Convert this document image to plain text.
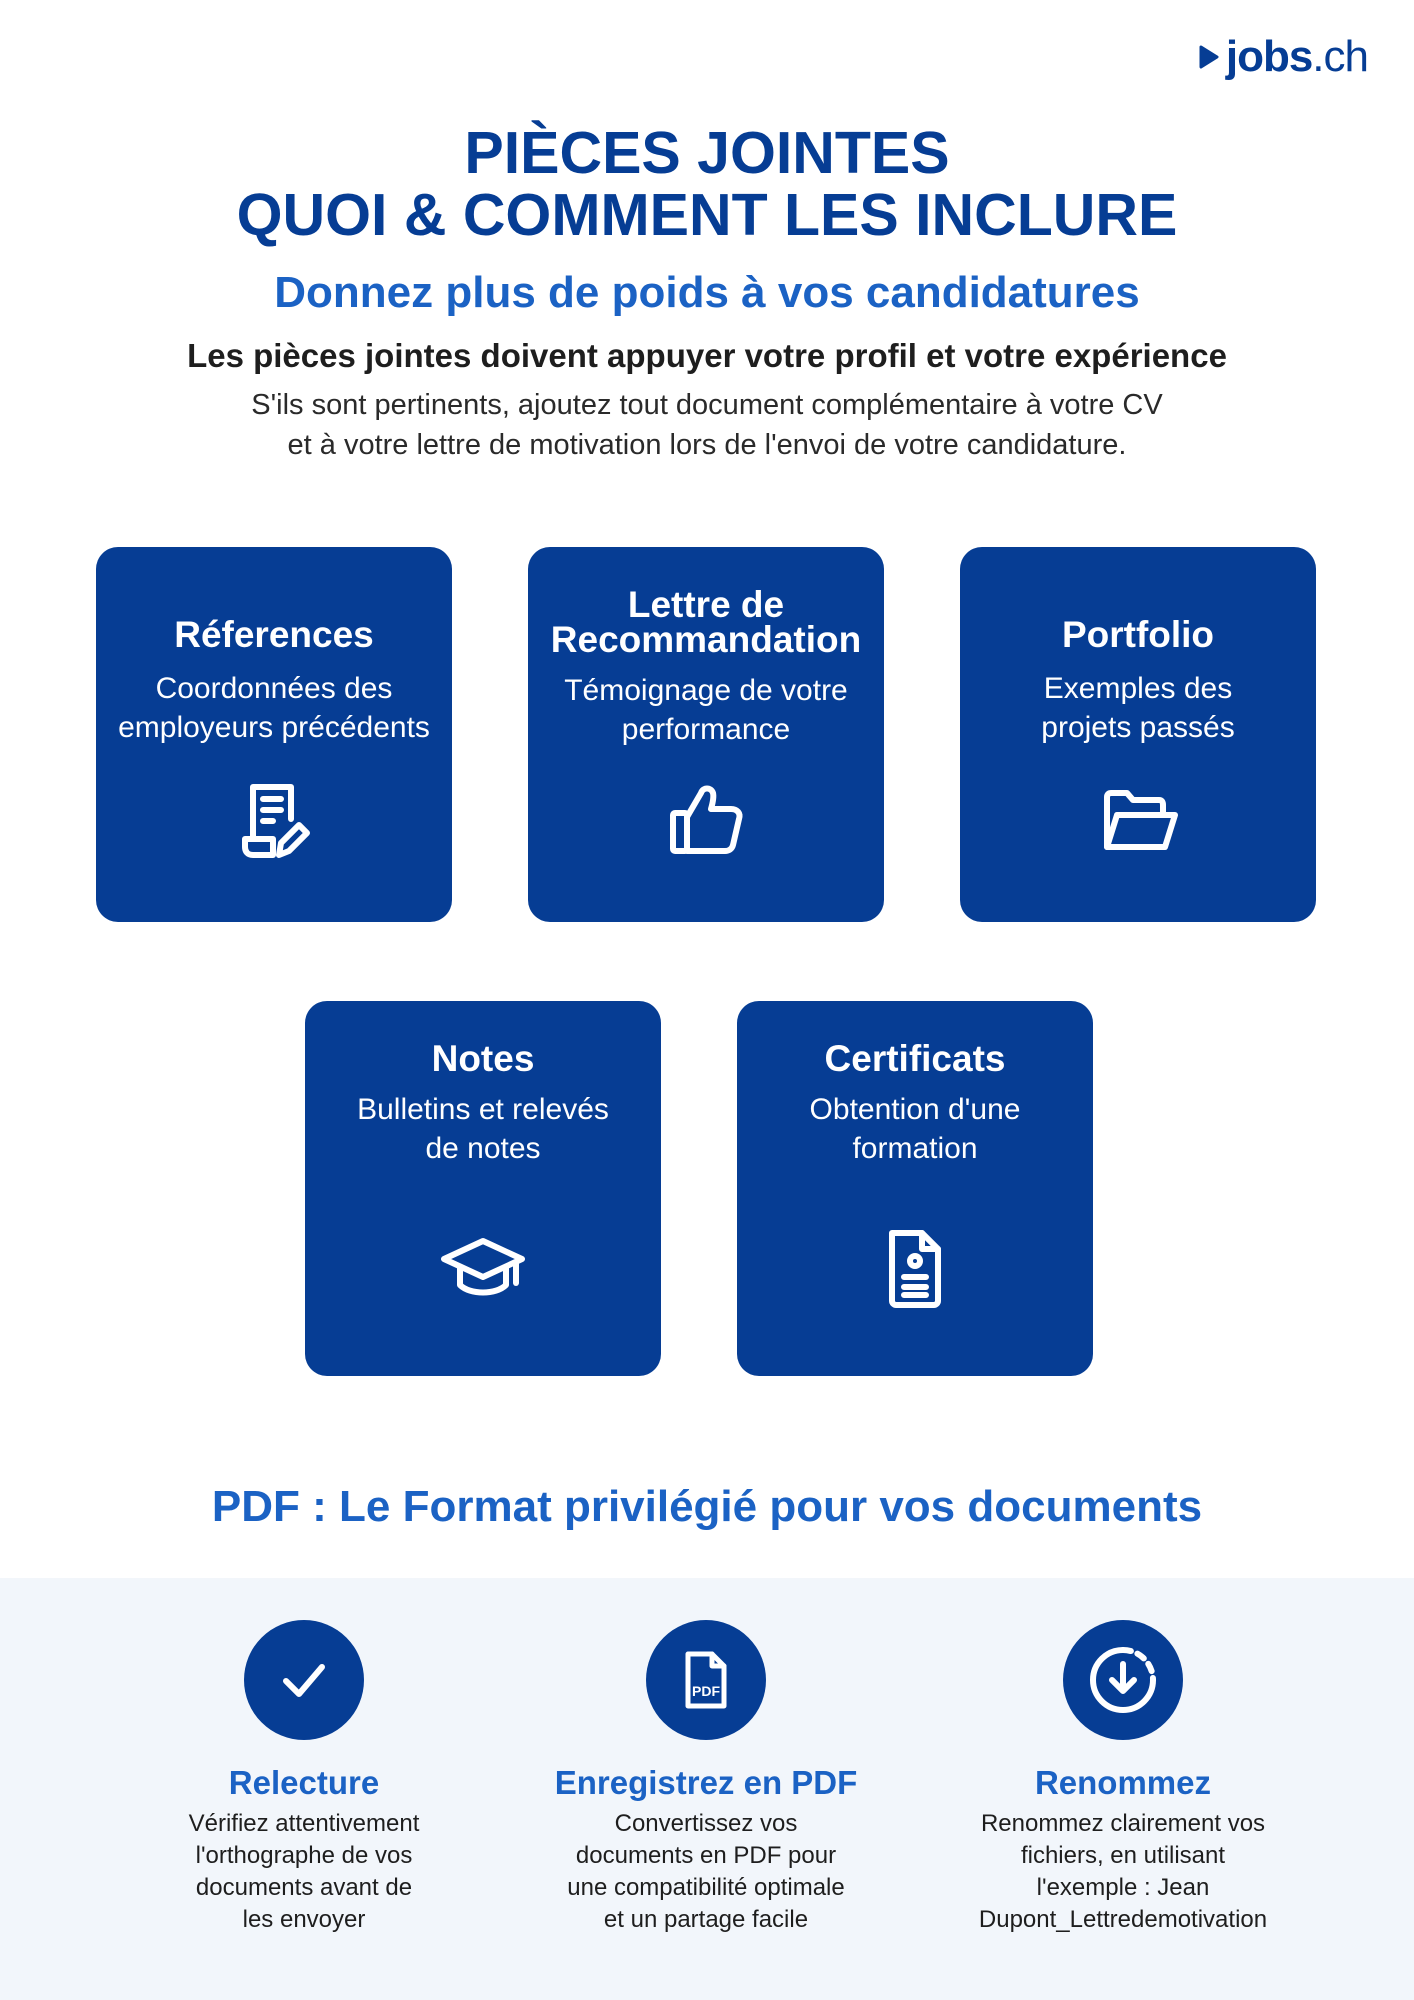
jobs.ch
PIÈCES JOINTES
QUOI & COMMENT LES INCLURE
Donnez plus de poids à vos candidatures

Les pièces jointes doivent appuyer votre profil et votre expérience

S'ils sont pertinents, ajoutez tout document complémentaire à votre CV
et à votre lettre de motivation lors de l'envoi de votre candidature.

Réferences
Coordonnées des
employeurs précédents
Lettre de
Recommandation
Témoignage de votre
performance
Portfolio
Exemples des
projets passés
Notes
Bulletins et relevés
de notes
Certificats
Obtention d'une
formation
PDF : Le Format privilégié pour vos documents
Relecture
Vérifiez attentivement
l'orthographe de vos
documents avant de
les envoyer
PDF
Enregistrez en PDF
Convertissez vos
documents en PDF pour
une compatibilité optimale
et un partage facile
Renommez
Renommez clairement vos
fichiers, en utilisant
l'exemple : Jean
Dupont_Lettredemotivation
